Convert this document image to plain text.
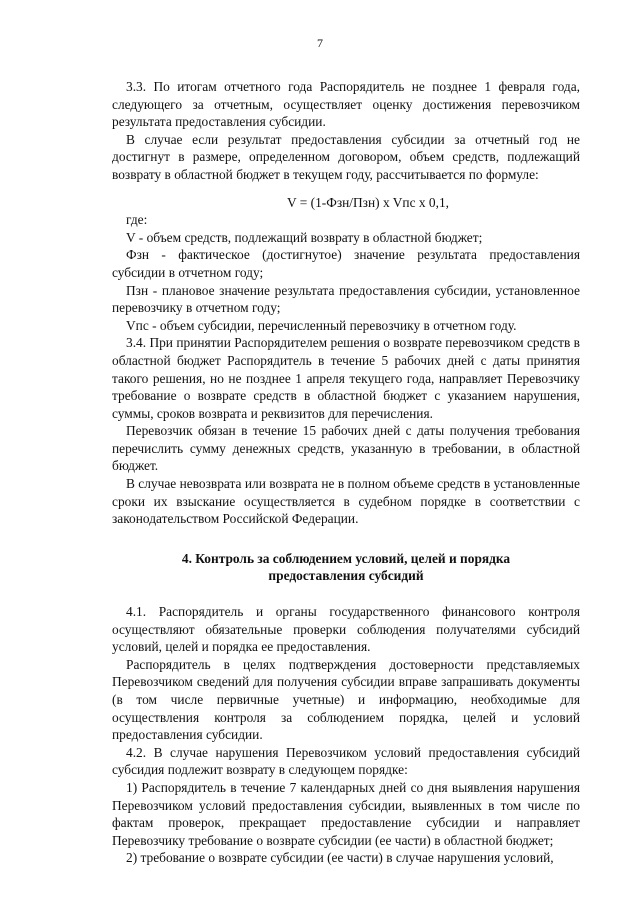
7

3.3. По итогам отчетного года Распорядитель не позднее 1 февраля года, следующего за отчетным, осуществляет оценку достижения перевозчиком результата предоставления субсидии.

В случае если результат предоставления субсидии за отчетный год не достигнут в размере, определенном договором, объем средств, подлежащий возврату в областной бюджет в текущем году, рассчитывается по формуле:

V = (1-Фзн/Пзн) x Vпс x 0,1,

где:

V - объем средств, подлежащий возврату в областной бюджет;

Фзн - фактическое (достигнутое) значение результата предоставления субсидии в отчетном году;

Пзн - плановое значение результата предоставления субсидии, установленное перевозчику в отчетном году;

Vпс - объем субсидии, перечисленный перевозчику в отчетном году.

3.4. При принятии Распорядителем решения о возврате перевозчиком средств в областной бюджет Распорядитель в течение 5 рабочих дней с даты принятия такого решения, но не позднее 1 апреля текущего года, направляет Перевозчику требование о возврате средств в областной бюджет с указанием нарушения, суммы, сроков возврата и реквизитов для перечисления.

Перевозчик обязан в течение 15 рабочих дней с даты получения требования перечислить сумму денежных средств, указанную в требовании, в областной бюджет.

В случае невозврата или возврата не в полном объеме средств в установленные сроки их взыскание осуществляется в судебном порядке в соответствии с законодательством Российской Федерации.

4. Контроль за соблюдением условий, целей и порядка
предоставления субсидий

4.1. Распорядитель и органы государственного финансового контроля осуществляют обязательные проверки соблюдения получателями субсидий условий, целей и порядка ее предоставления.

Распорядитель в целях подтверждения достоверности представляемых Перевозчиком сведений для получения субсидии вправе запрашивать документы (в том числе первичные учетные) и информацию, необходимые для осуществления контроля за соблюдением порядка, целей и условий предоставления субсидии.

4.2. В случае нарушения Перевозчиком условий предоставления субсидий субсидия подлежит возврату в следующем порядке:

1) Распорядитель в течение 7 календарных дней со дня выявления нарушения Перевозчиком условий предоставления субсидии, выявленных в том числе по фактам проверок, прекращает предоставление субсидии и направляет Перевозчику требование о возврате субсидии (ее части) в областной бюджет;

2) требование о возврате субсидии (ее части) в случае нарушения условий,
